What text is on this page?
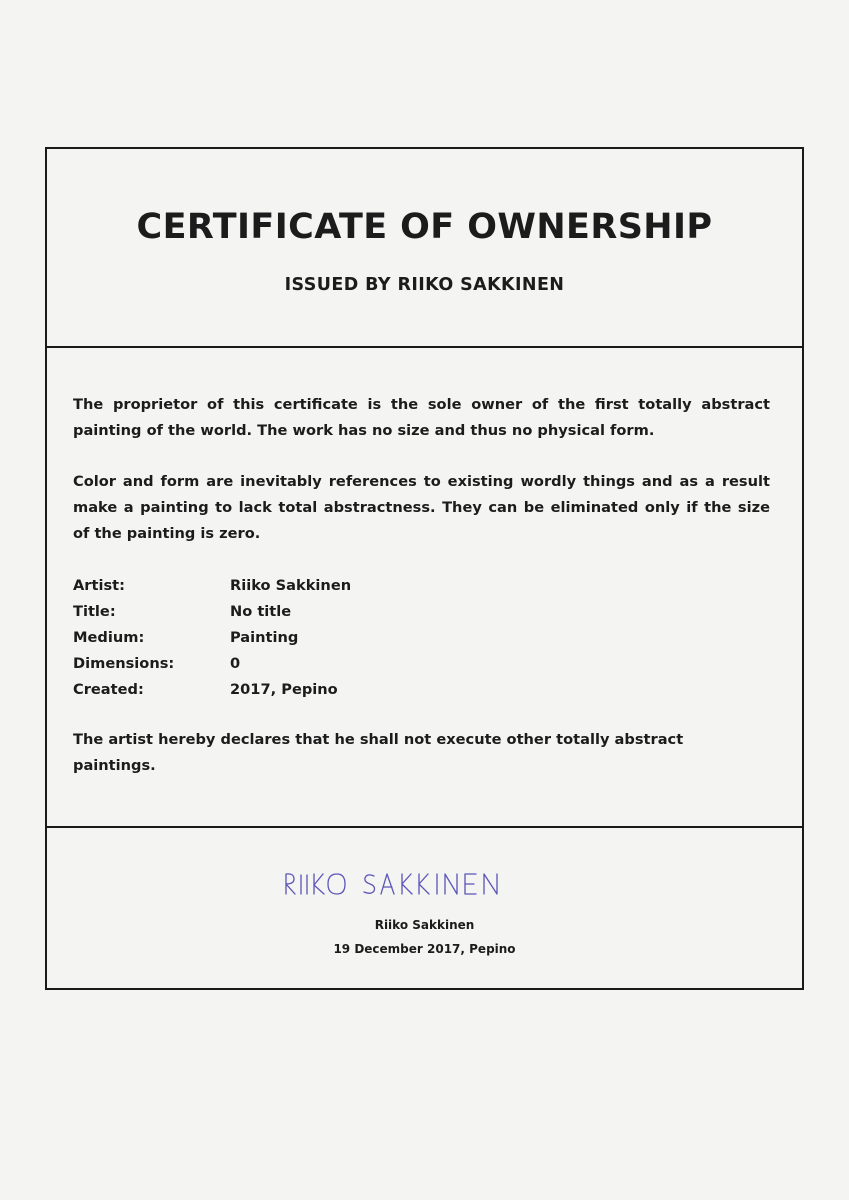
CERTIFICATE OF OWNERSHIP
ISSUED BY RIIKO SAKKINEN

The proprietor of this certificate is the sole owner of the first totally abstract painting of the world. The work has no size and thus no physical form.

Color and form are inevitably references to existing wordly things and as a result make a painting to lack total abstractness. They can be eliminated only if the size of the painting is zero.

Artist:	Riiko Sakkinen
Title:	No title
Medium:	Painting
Dimensions:	0
Created:	2017, Pepino

The artist hereby declares that he shall not execute other totally abstract paintings.

Riiko Sakkinen
19 December 2017, Pepino
